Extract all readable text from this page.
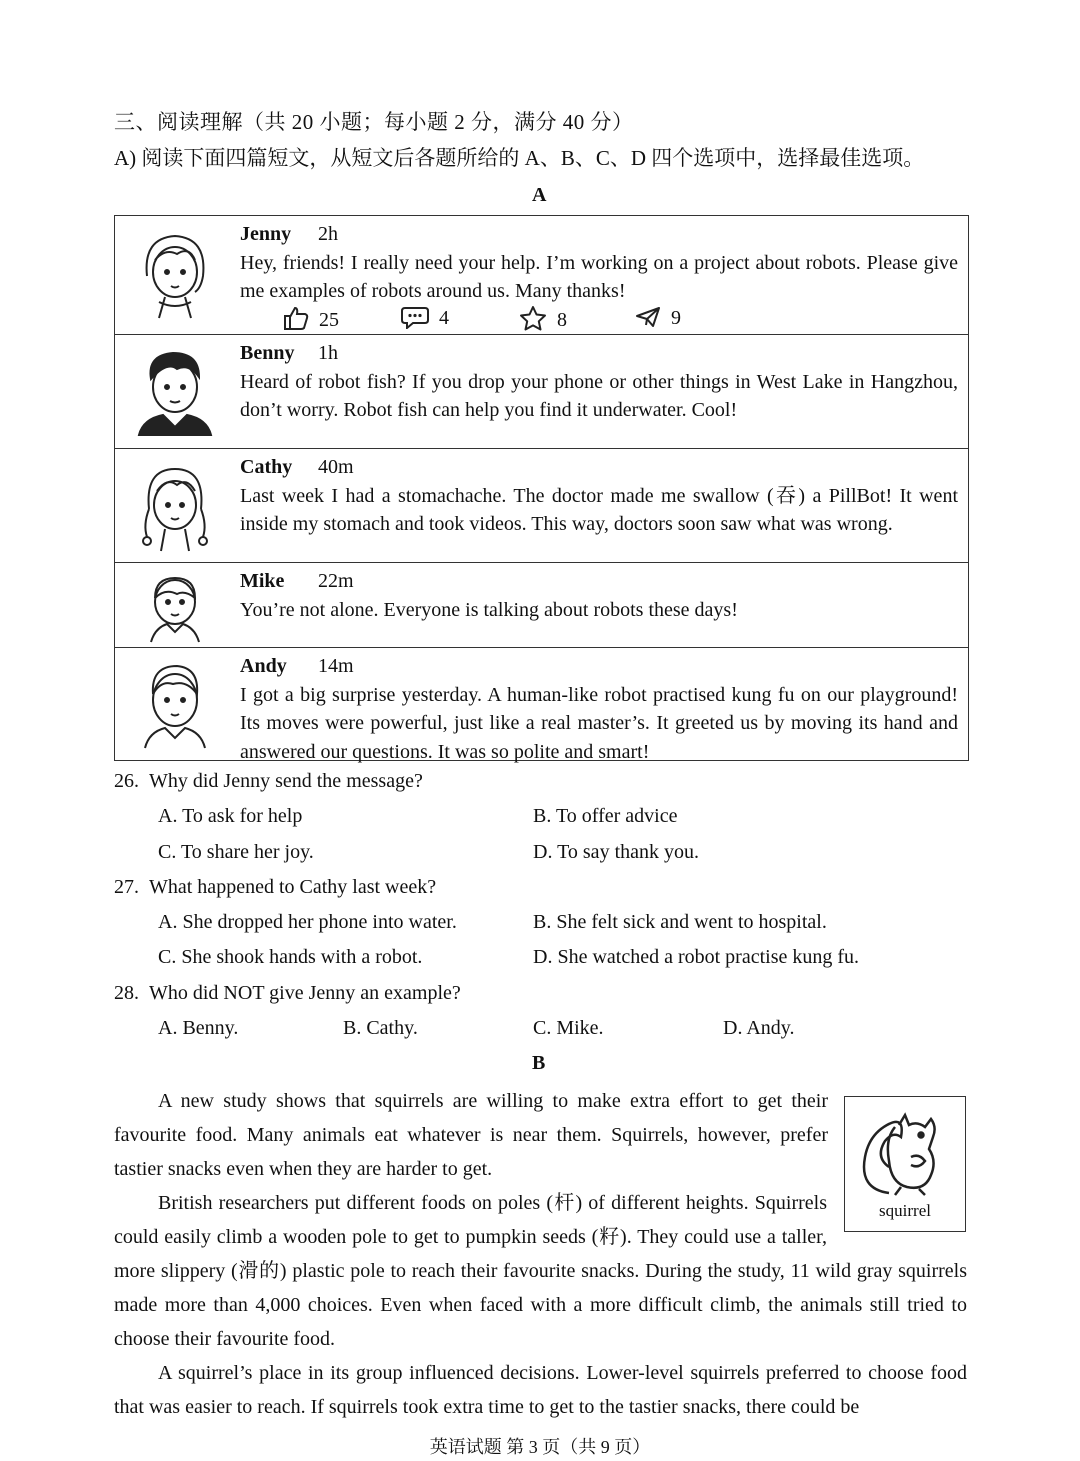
三、阅读理解（共 20 小题；每小题 2 分，满分 40 分）
A) 阅读下面四篇短文，从短文后各题所给的 A、B、C、D 四个选项中，选择最佳选项。
A
Jenny 2h
Hey, friends! I really need your help. I’m working on a project about robots. Please give me examples of robots around us. Many thanks!
25	4	8	9
Benny 1h
Heard of robot fish? If you drop your phone or other things in West Lake in Hangzhou, don’t worry. Robot fish can help you find it underwater. Cool!
Cathy 40m
Last week I had a stomachache. The doctor made me swallow (吞) a PillBot! It went inside my stomach and took videos. This way, doctors soon saw what was wrong.
Mike 22m
You’re not alone. Everyone is talking about robots these days!
Andy 14m
I got a big surprise yesterday. A human-like robot practised kung fu on our playground! Its moves were powerful, just like a real master’s. It greeted us by moving its hand and answered our questions. It was so polite and smart!
26. Why did Jenny send the message?
A. To ask for help	B. To offer advice
C. To share her joy.	D. To say thank you.
27. What happened to Cathy last week?
A. She dropped her phone into water.	B. She felt sick and went to hospital.
C. She shook hands with a robot.	D. She watched a robot practise kung fu.
28. Who did NOT give Jenny an example?
A. Benny.	B. Cathy.	C. Mike.	D. Andy.
B
squirrel
A new study shows that squirrels are willing to make extra effort to get their favourite food. Many animals eat whatever is near them. Squirrels, however, prefer tastier snacks even when they are harder to get.
British researchers put different foods on poles (杆) of different heights. Squirrels could easily climb a wooden pole to get to pumpkin seeds (籽). They could use a taller, more slippery (滑的) plastic pole to reach their favourite snacks. During the study, 11 wild gray squirrels made more than 4,000 choices. Even when faced with a more difficult climb, the animals still tried to choose their favourite food.
A squirrel’s place in its group influenced decisions. Lower-level squirrels preferred to choose food that was easier to reach. If squirrels took extra time to get to the tastier snacks, there could be
英语试题 第 3 页（共 9 页）
